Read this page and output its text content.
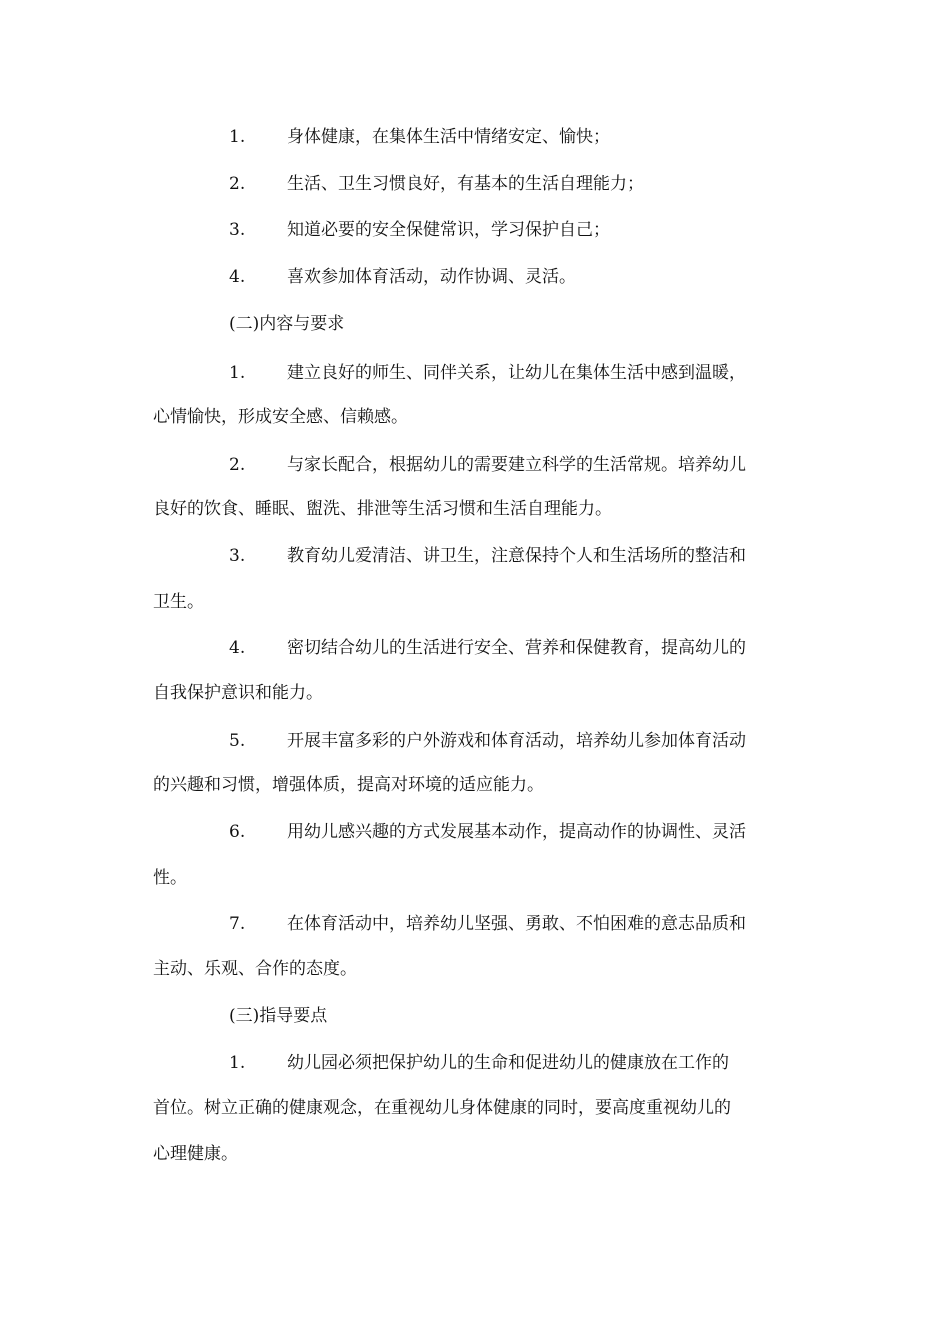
1.	身体健康，在集体生活中情绪安定、愉快；
2.	生活、卫生习惯良好，有基本的生活自理能力；
3.	知道必要的安全保健常识，学习保护自己；
4.	喜欢参加体育活动，动作协调、灵活。
(二)内容与要求
1.	建立良好的师生、同伴关系，让幼儿在集体生活中感到温暖，
心情愉快，形成安全感、信赖感。
2.	与家长配合，根据幼儿的需要建立科学的生活常规。培养幼儿
良好的饮食、睡眠、盥洗、排泄等生活习惯和生活自理能力。
3.	教育幼儿爱清洁、讲卫生，注意保持个人和生活场所的整洁和
卫生。
4.	密切结合幼儿的生活进行安全、营养和保健教育，提高幼儿的
自我保护意识和能力。
5.	开展丰富多彩的户外游戏和体育活动，培养幼儿参加体育活动
的兴趣和习惯，增强体质，提高对环境的适应能力。
6.	用幼儿感兴趣的方式发展基本动作，提高动作的协调性、灵活
性。
7.	在体育活动中，培养幼儿坚强、勇敢、不怕困难的意志品质和
主动、乐观、合作的态度。
(三)指导要点
1.	幼儿园必须把保护幼儿的生命和促进幼儿的健康放在工作的
首位。树立正确的健康观念，在重视幼儿身体健康的同时，要高度重视幼儿的
心理健康。
